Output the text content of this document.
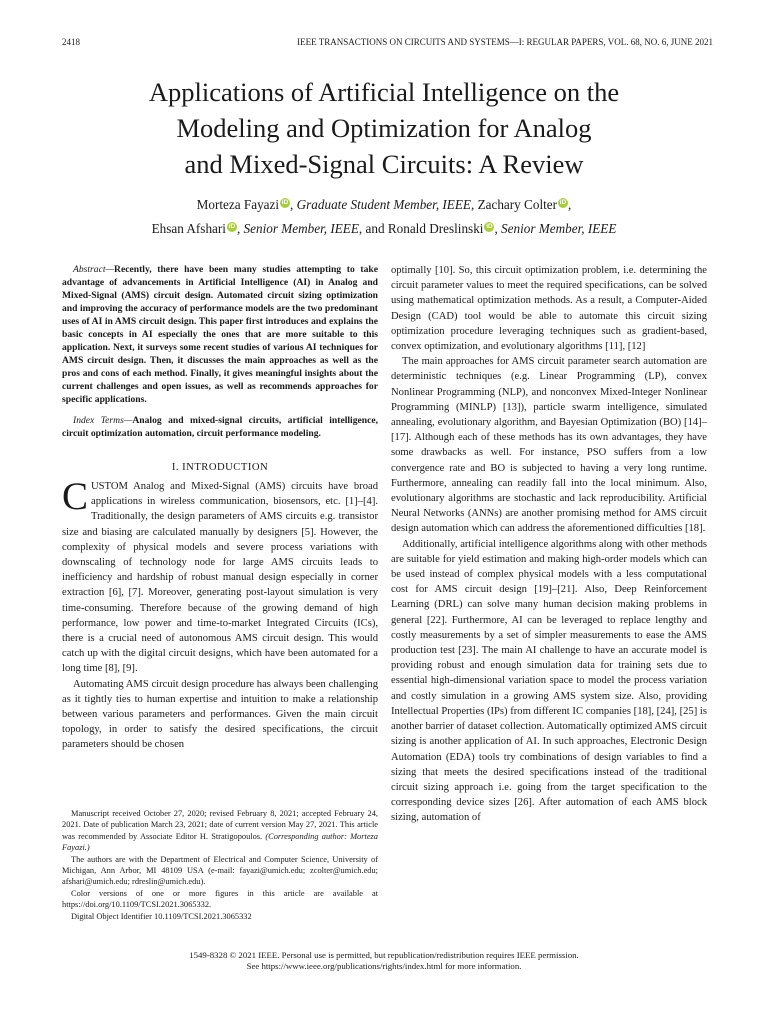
2418	IEEE TRANSACTIONS ON CIRCUITS AND SYSTEMS—I: REGULAR PAPERS, VOL. 68, NO. 6, JUNE 2021
Applications of Artificial Intelligence on the
Modeling and Optimization for Analog
and Mixed-Signal Circuits: A Review
Morteza Fayazi iD , Graduate Student Member, IEEE, Zachary Colter iD ,
Ehsan Afshari iD , Senior Member, IEEE, and Ronald Dreslinski iD , Senior Member, IEEE

Abstract—Recently, there have been many studies attempting to take advantage of advancements in Artificial Intelligence (AI) in Analog and Mixed-Signal (AMS) circuit design. Automated circuit sizing optimization and improving the accuracy of performance models are the two predominant uses of AI in AMS circuit design. This paper first introduces and explains the basic concepts in AI especially the ones that are more suitable to this application. Next, it surveys some recent studies of various AI techniques for AMS circuit design. Then, it discusses the main approaches as well as the pros and cons of each method. Finally, it gives meaningful insights about the current challenges and open issues, as well as recommends approaches for specific applications.

Index Terms—Analog and mixed-signal circuits, artificial intelligence, circuit optimization automation, circuit performance modeling.

I. INTRODUCTION

CUSTOM Analog and Mixed-Signal (AMS) circuits have broad applications in wireless communication, biosensors, etc. [1]–[4]. Traditionally, the design parameters of AMS circuits e.g. transistor size and biasing are calculated manually by designers [5]. However, the complexity of physical models and severe process variations with downscaling of technology node for large AMS circuits leads to inefficiency and hardship of robust manual design especially in corner extraction [6], [7]. Moreover, generating post-layout simulation is very time-consuming. Therefore because of the growing demand of high performance, low power and time-to-market Integrated Circuits (ICs), there is a crucial need of autonomous AMS circuit design. This would catch up with the digital circuit designs, which have been automated for a long time [8], [9].

Automating AMS circuit design procedure has always been challenging as it tightly ties to human expertise and intuition to make a relationship between various parameters and performances. Given the main circuit topology, in order to satisfy the desired specifications, the circuit parameters should be chosen

Manuscript received October 27, 2020; revised February 8, 2021; accepted February 24, 2021. Date of publication March 23, 2021; date of current version May 27, 2021. This article was recommended by Associate Editor H. Stratigopoulos. (Corresponding author: Morteza Fayazi.)

The authors are with the Department of Electrical and Computer Science, University of Michigan, Ann Arbor, MI 48109 USA (e-mail: fayazi@umich.edu; zcolter@umich.edu; afshari@umich.edu; rdreslin@umich.edu).

Color versions of one or more figures in this article are available at https://doi.org/10.1109/TCSI.2021.3065332.

Digital Object Identifier 10.1109/TCSI.2021.3065332

optimally [10]. So, this circuit optimization problem, i.e. determining the circuit parameter values to meet the required specifications, can be solved using mathematical optimization methods. As a result, a Computer-Aided Design (CAD) tool would be able to automate this circuit sizing optimization procedure leveraging techniques such as gradient-based, convex optimization, and evolutionary algorithms [11], [12]

The main approaches for AMS circuit parameter search automation are deterministic techniques (e.g. Linear Programming (LP), convex Nonlinear Programming (NLP), and nonconvex Mixed-Integer Nonlinear Programming (MINLP) [13]), particle swarm intelligence, simulated annealing, evolutionary algorithm, and Bayesian Optimization (BO) [14]–[17]. Although each of these methods has its own advantages, they have some drawbacks as well. For instance, PSO suffers from a low convergence rate and BO is subjected to having a very long runtime. Furthermore, annealing can readily fall into the local minimum. Also, evolutionary algorithms are stochastic and lack reproducibility. Artificial Neural Networks (ANNs) are another promising method for AMS circuit design automation which can address the aforementioned difficulties [18].

Additionally, artificial intelligence algorithms along with other methods are suitable for yield estimation and making high-order models which can be used instead of complex physical models with a less computational cost for AMS circuit design [19]–[21]. Also, Deep Reinforcement Learning (DRL) can solve many human decision making problems in general [22]. Furthermore, AI can be leveraged to replace lengthy and costly measurements by a set of simpler measurements to ease the AMS production test [23]. The main AI challenge to have an accurate model is providing robust and enough simulation data for training sets due to essential high-dimensional variation space to model the process variation and costly simulation in a growing AMS system size. Also, providing Intellectual Properties (IPs) from different IC companies [18], [24], [25] is another barrier of dataset collection. Automatically optimized AMS circuit sizing is another application of AI. In such approaches, Electronic Design Automation (EDA) tools try combinations of design variables to find a sizing that meets the desired specifications instead of the traditional circuit sizing approach i.e. going from the target specification to the corresponding device sizes [26]. After automation of each AMS block sizing, automation of

1549-8328 © 2021 IEEE. Personal use is permitted, but republication/redistribution requires IEEE permission.
See https://www.ieee.org/publications/rights/index.html for more information.
